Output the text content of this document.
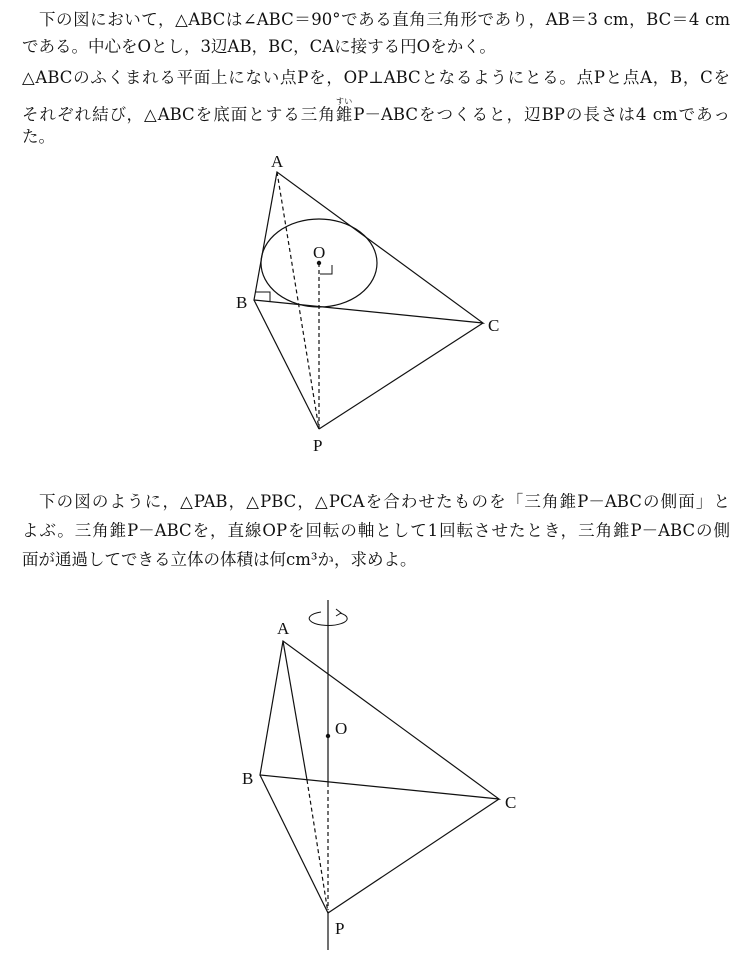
下の図において，△ABCは∠ABC＝90°である直角三角形であり，AB＝3 cm，BC＝4 cm
である。中心をOとし，3辺AB，BC，CAに接する円Oをかく。
△ABCのふくまれる平面上にない点Pを，OP⊥ABCとなるようにとる。点Pと点A，B，Cを
それぞれ結び，△ABCを底面とする三角錐すいP－ABCをつくると，辺BPの長さは4 cmであっ
た。
下の図のように，△PAB，△PBC，△PCAを合わせたものを「三角錐P－ABCの側面」と
よぶ。三角錐P－ABCを，直線OPを回転の軸として1回転させたとき，三角錐P－ABCの側
面が通過してできる立体の体積は何cm³か，求めよ。
A
B
C
O
P
A
B
C
O
P
